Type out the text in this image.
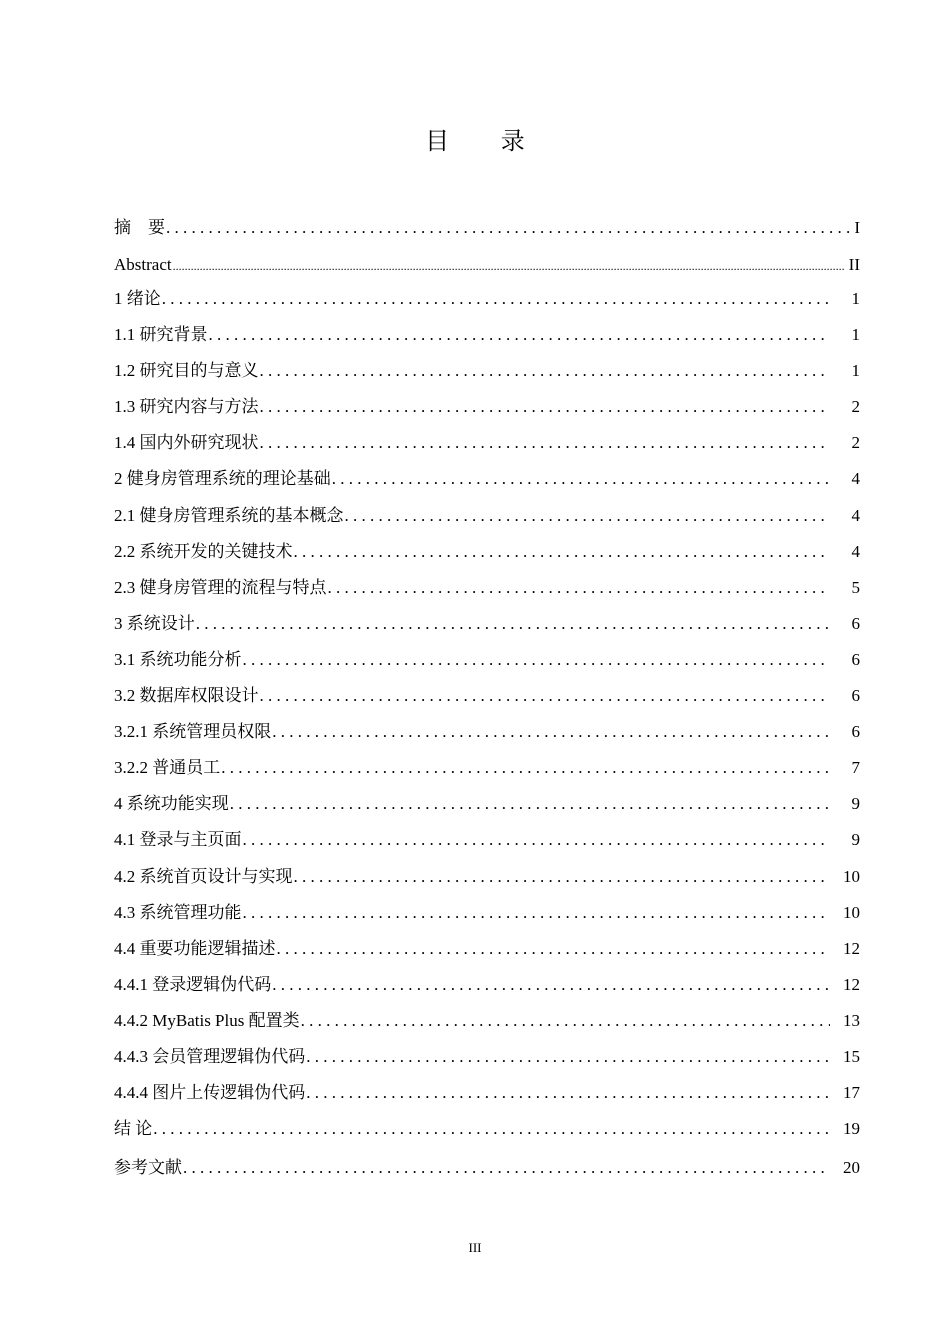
目 录
摘　要 . . .	I
Abstract .....	II
1 绪论 . . .	1
1.1 研究背景 . . .	1
1.2 研究目的与意义 . . .	1
1.3 研究内容与方法 . . .	2
1.4 国内外研究现状 . . .	2
2 健身房管理系统的理论基础 . . .	4
2.1 健身房管理系统的基本概念 . . .	4
2.2 系统开发的关键技术 . . .	4
2.3 健身房管理的流程与特点 . . .	5
3 系统设计 . . .	6
3.1 系统功能分析 . . .	6
3.2 数据库权限设计 . . .	6
3.2.1 系统管理员权限 . . .	6
3.2.2 普通员工 . . .	7
4 系统功能实现 . . .	9
4.1 登录与主页面 . . .	9
4.2 系统首页设计与实现 . . .	10
4.3 系统管理功能 . . .	10
4.4 重要功能逻辑描述 . . .	12
4.4.1 登录逻辑伪代码 . . .	12
4.4.2 MyBatis Plus 配置类 . . .	13
4.4.3 会员管理逻辑伪代码 . . .	15
4.4.4 图片上传逻辑伪代码 . . .	17
结 论 . . .	19
参考文献 . . .	20
III
